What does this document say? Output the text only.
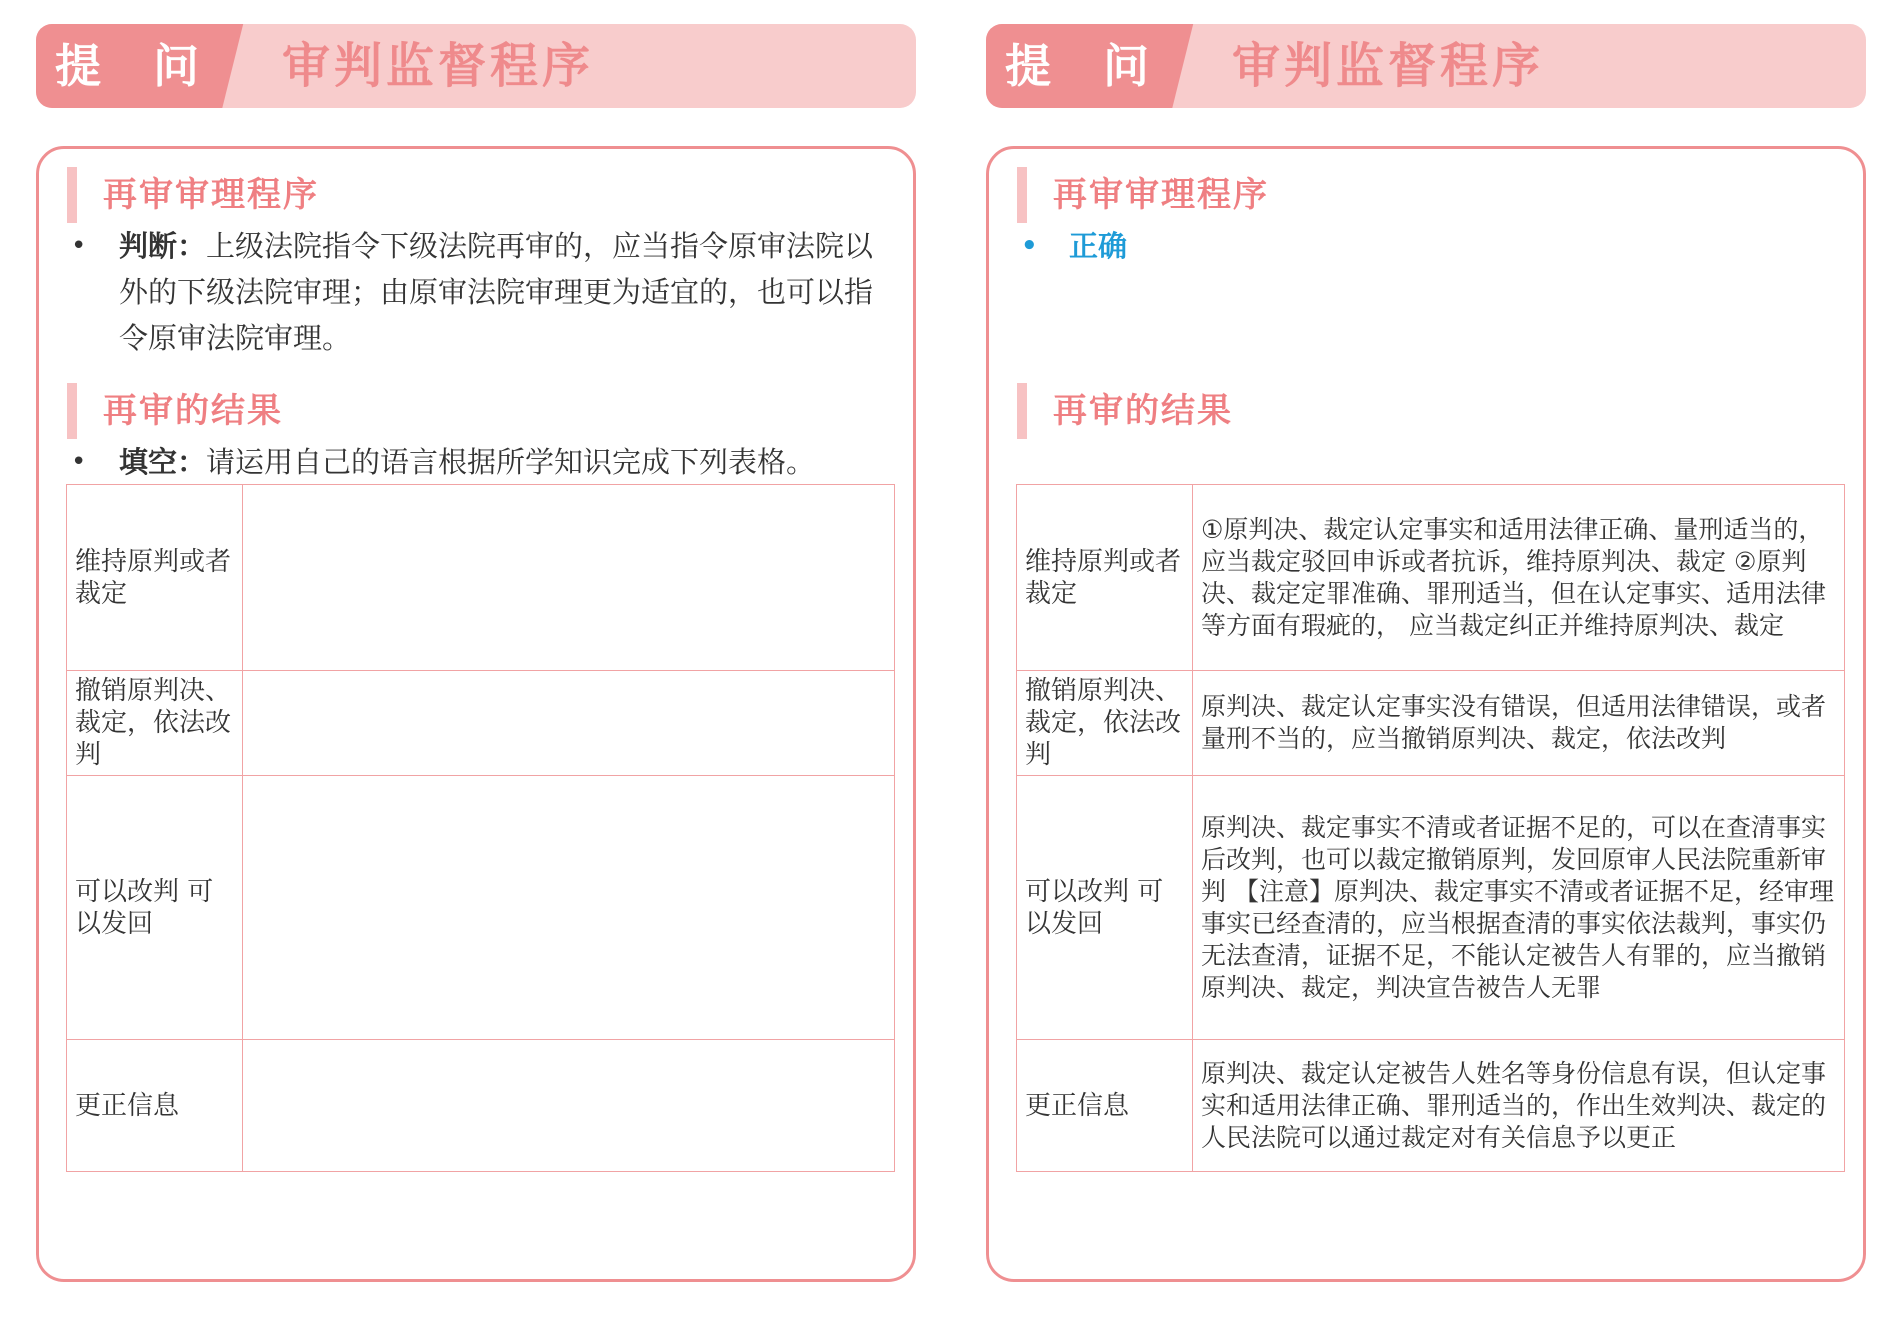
提 问	审判监督程序
再审审理程序
• 判断：上级法院指令下级法院再审的，应当指令原审法院以外的下级法院审理；由原审法院审理更为适宜的，也可以指令原审法院审理。
再审的结果
• 填空：请运用自己的语言根据所学知识完成下列表格。
维持原判或者裁定	
撤销原判决、裁定，依法改判	
可以改判 可以发回	
更正信息	
提 问	审判监督程序
再审审理程序
• 正确
再审的结果
维持原判或者裁定	①原判决、裁定认定事实和适用法律正确、量刑适当的，应当裁定驳回申诉或者抗诉，维持原判决、裁定 ②原判决、裁定定罪准确、罪刑适当，但在认定事实、适用法律等方面有瑕疵的， 应当裁定纠正并维持原判决、裁定
撤销原判决、裁定，依法改判	原判决、裁定认定事实没有错误，但适用法律错误，或者量刑不当的，应当撤销原判决、裁定，依法改判
可以改判 可以发回	原判决、裁定事实不清或者证据不足的，可以在查清事实后改判，也可以裁定撤销原判，发回原审人民法院重新审判 【注意】原判决、裁定事实不清或者证据不足，经审理事实已经查清的，应当根据查清的事实依法裁判，事实仍无法查清，证据不足，不能认定被告人有罪的，应当撤销原判决、裁定，判决宣告被告人无罪
更正信息	原判决、裁定认定被告人姓名等身份信息有误，但认定事实和适用法律正确、罪刑适当的，作出生效判决、裁定的人民法院可以通过裁定对有关信息予以更正
